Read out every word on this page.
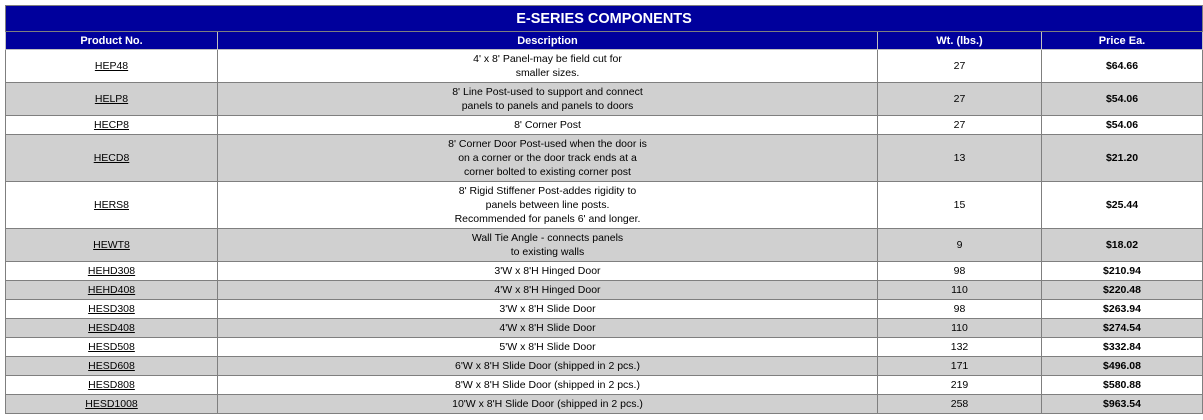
E-SERIES COMPONENTS			
Product No.	Description	Wt. (lbs.)	Price Ea.
HEP48	4' x 8' Panel-may be field cut for
smaller sizes.	27	$64.66
HELP8	8' Line Post-used to support and connect
panels to panels and panels to doors	27	$54.06
HECP8	8' Corner Post	27	$54.06
HECD8	8' Corner Door Post-used when the door is
on a corner or the door track ends at a
corner bolted to existing corner post	13	$21.20
HERS8	8' Rigid Stiffener Post-addes rigidity to
panels between line posts.
Recommended for panels 6' and longer.	15	$25.44
HEWT8	Wall Tie Angle - connects panels
to existing walls	9	$18.02
HEHD308	3'W x 8'H Hinged Door	98	$210.94
HEHD408	4'W x 8'H Hinged Door	110	$220.48
HESD308	3'W x 8'H Slide Door	98	$263.94
HESD408	4'W x 8'H Slide Door	110	$274.54
HESD508	5'W x 8'H Slide Door	132	$332.84
HESD608	6'W x 8'H Slide Door (shipped in 2 pcs.)	171	$496.08
HESD808	8'W x 8'H Slide Door (shipped in 2 pcs.)	219	$580.88
HESD1008	10'W x 8'H Slide Door (shipped in 2 pcs.)	258	$963.54
